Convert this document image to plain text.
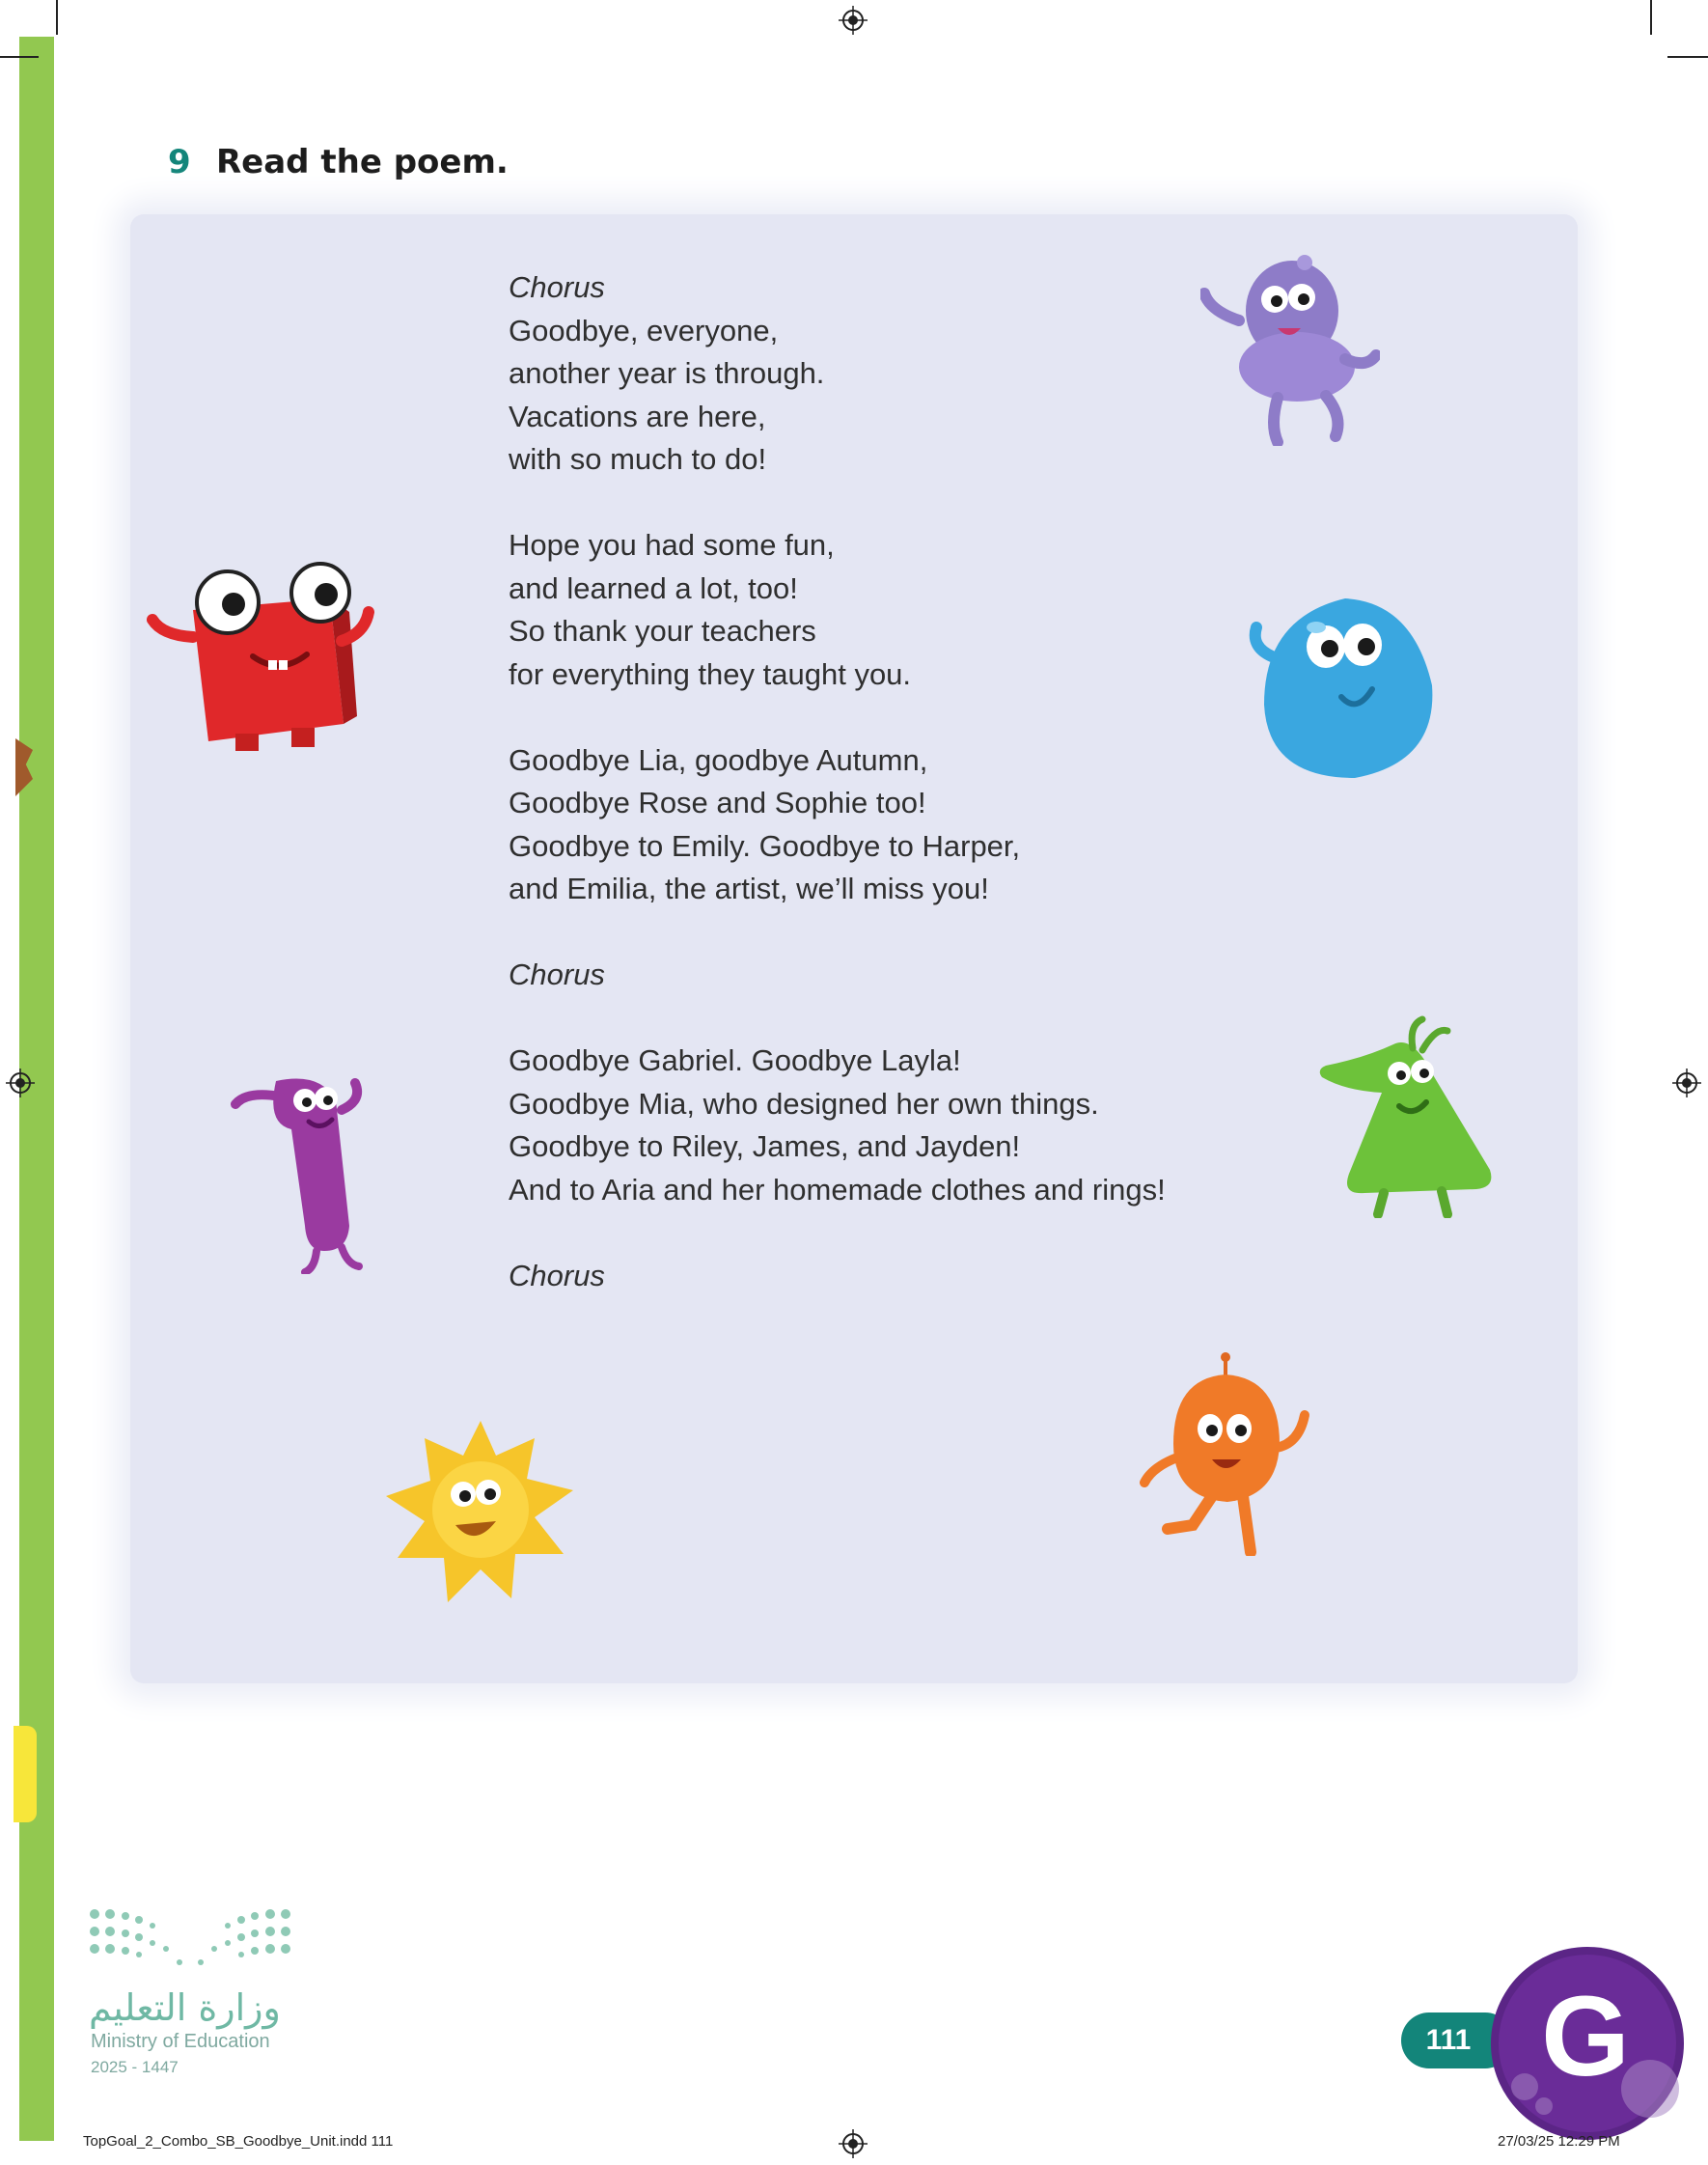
9 Read the poem.
Chorus
Goodbye, everyone,
another year is through.
Vacations are here,
with so much to do!
Hope you had some fun,
and learned a lot, too!
So thank your teachers
for everything they taught you.
Goodbye Lia, goodbye Autumn,
Goodbye Rose and Sophie too!
Goodbye to Emily. Goodbye to Harper,
and Emilia, the artist, we’ll miss you!
Chorus
Goodbye Gabriel. Goodbye Layla!
Goodbye Mia, who designed her own things.
Goodbye to Riley, James, and Jayden!
And to Aria and her homemade clothes and rings!
Chorus
وزارة التعليم
Ministry of Education
2025 - 1447
111 G
TopGoal_2_Combo_SB_Goodbye_Unit.indd 111	27/03/25 12:29 PM
